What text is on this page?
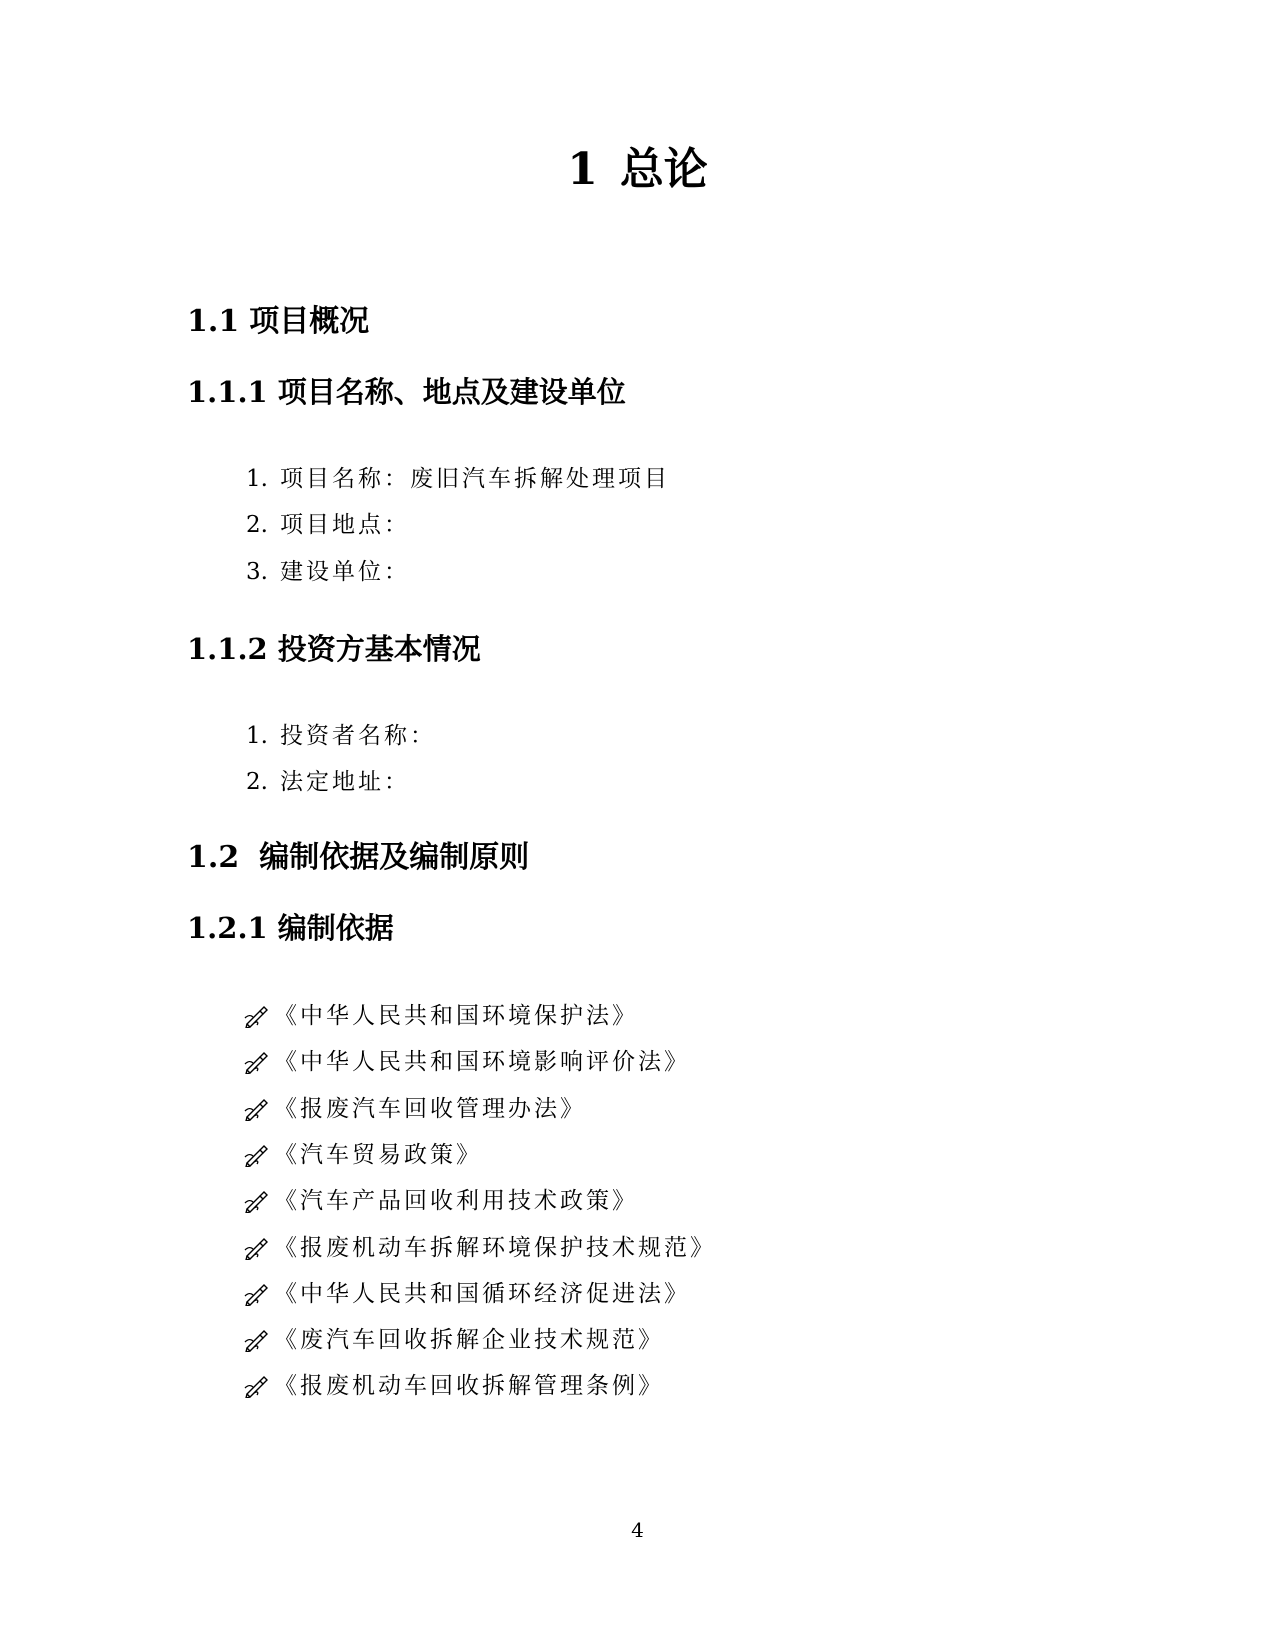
1 总论
1.1 项目概况
1.1.1 项目名称、地点及建设单位
1. 项目名称：废旧汽车拆解处理项目
2. 项目地点：
3. 建设单位：
1.1.2 投资方基本情况
1. 投资者名称：
2. 法定地址：
1.2 编制依据及编制原则
1.2.1 编制依据
《中华人民共和国环境保护法》
《中华人民共和国环境影响评价法》
《报废汽车回收管理办法》
《汽车贸易政策》
《汽车产品回收利用技术政策》
《报废机动车拆解环境保护技术规范》
《中华人民共和国循环经济促进法》
《废汽车回收拆解企业技术规范》
《报废机动车回收拆解管理条例》
4
